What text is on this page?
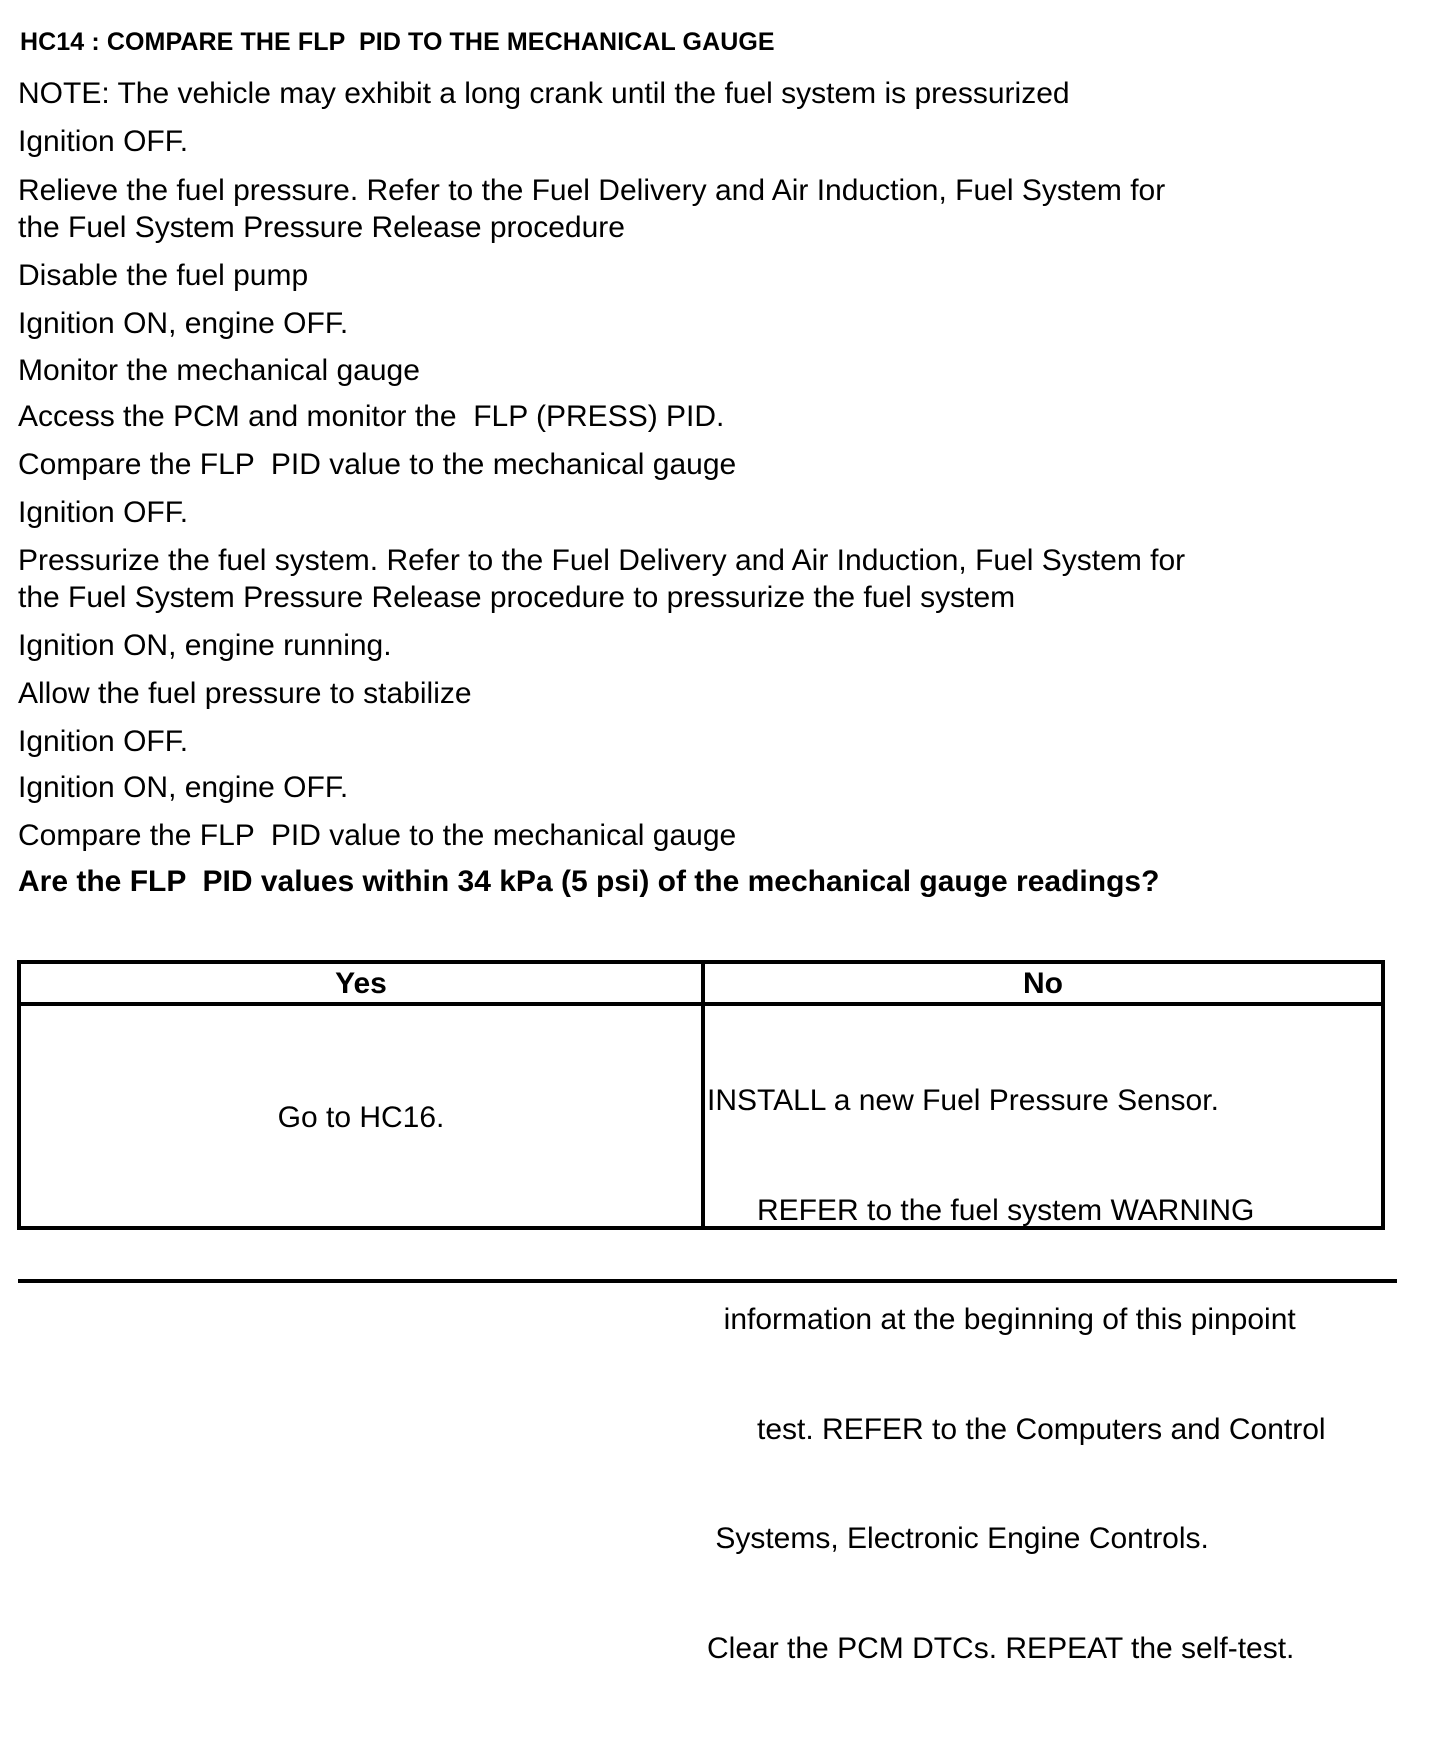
HC14 : COMPARE THE FLP  PID TO THE MECHANICAL GAUGE
NOTE: The vehicle may exhibit a long crank until the fuel system is pressurized
Ignition OFF.
Relieve the fuel pressure. Refer to the Fuel Delivery and Air Induction, Fuel System for
the Fuel System Pressure Release procedure
Disable the fuel pump
Ignition ON, engine OFF.
Monitor the mechanical gauge
Access the PCM and monitor the  FLP (PRESS) PID.
Compare the FLP  PID value to the mechanical gauge
Ignition OFF.
Pressurize the fuel system. Refer to the Fuel Delivery and Air Induction, Fuel System for
the Fuel System Pressure Release procedure to pressurize the fuel system
Ignition ON, engine running.
Allow the fuel pressure to stabilize
Ignition OFF.
Ignition ON, engine OFF.
Compare the FLP  PID value to the mechanical gauge
Are the FLP  PID values within 34 kPa (5 psi) of the mechanical gauge readings?
Yes	No
Go to HC16.

INSTALL a new Fuel Pressure Sensor.

REFER to the fuel system WARNING

information at the beginning of this pinpoint

test. REFER to the Computers and Control

Systems, Electronic Engine Controls.

Clear the PCM DTCs. REPEAT the self-test.
